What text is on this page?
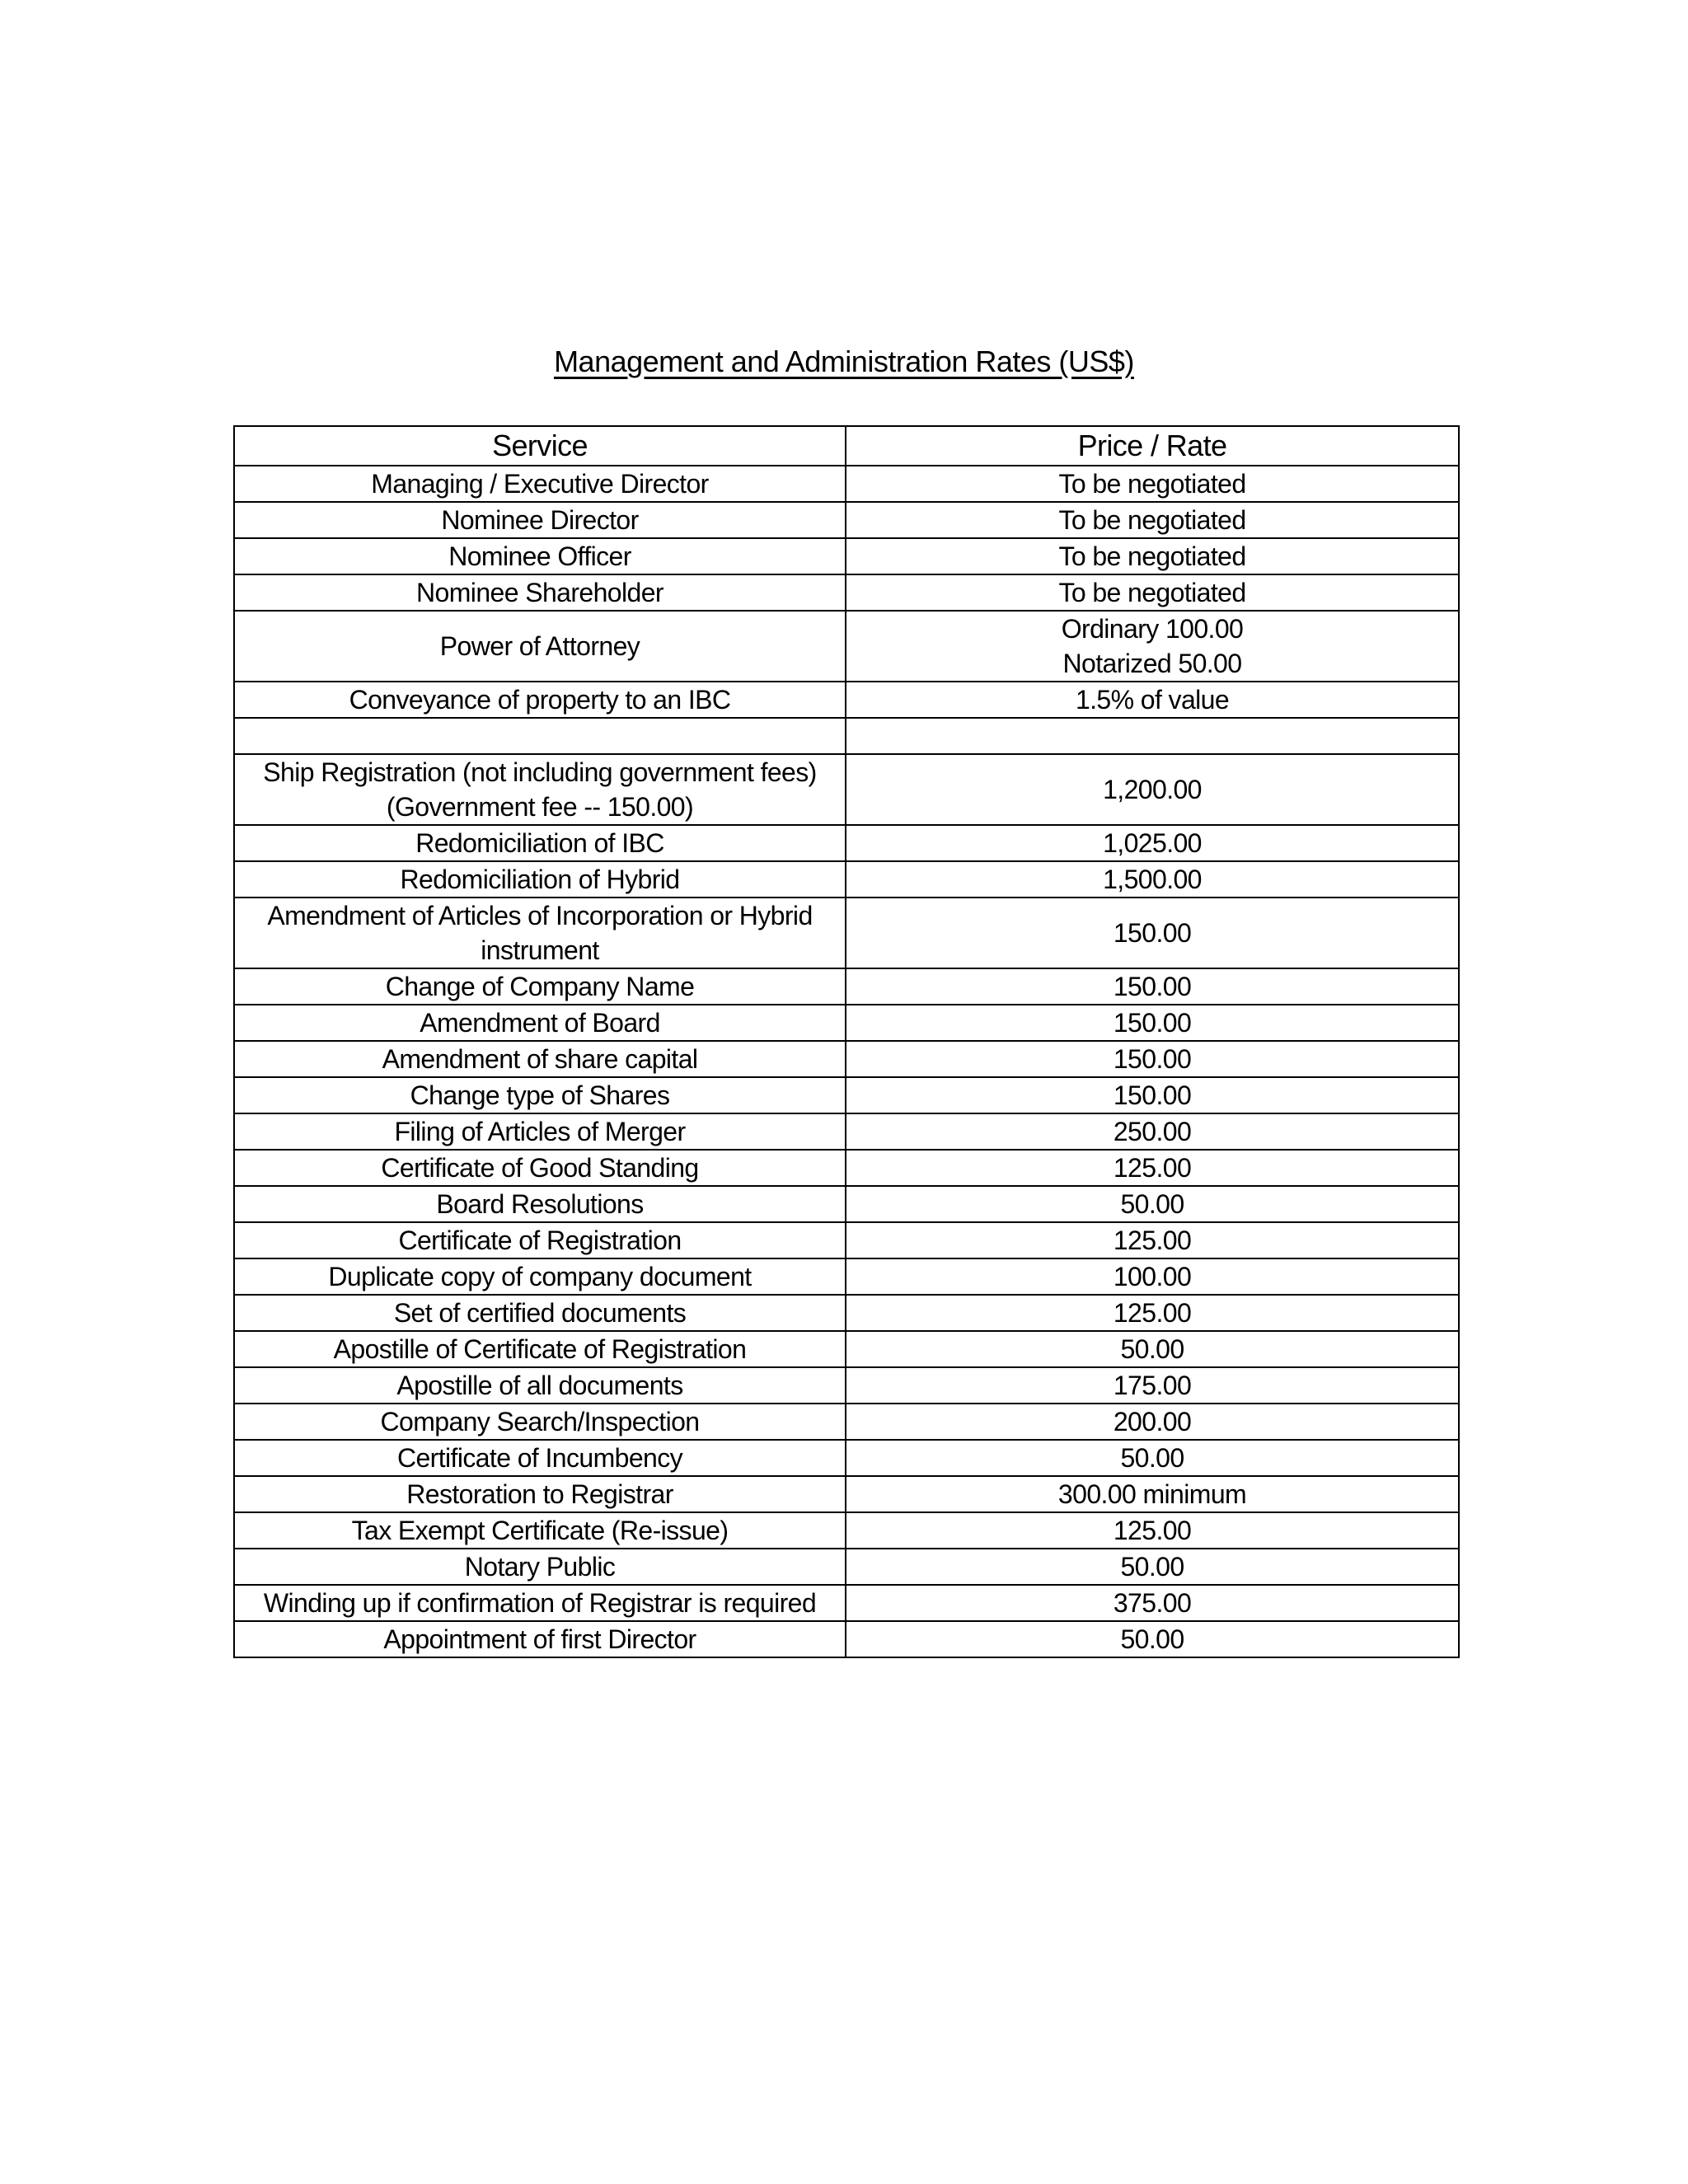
Management and Administration Rates (US$)
Service	Price / Rate
Managing / Executive Director	To be negotiated
Nominee Director	To be negotiated
Nominee Officer	To be negotiated
Nominee Shareholder	To be negotiated
Power of Attorney	Ordinary 100.00
Notarized 50.00
Conveyance of property to an IBC	1.5% of value

Ship Registration (not including government fees)
(Government fee -- 150.00)	1,200.00
Redomiciliation of IBC	1,025.00
Redomiciliation of Hybrid	1,500.00
Amendment of Articles of Incorporation or Hybrid instrument	150.00
Change of Company Name	150.00
Amendment of Board	150.00
Amendment of share capital	150.00
Change type of Shares	150.00
Filing of Articles of Merger	250.00
Certificate of Good Standing	125.00
Board Resolutions	50.00
Certificate of Registration	125.00
Duplicate copy of company document	100.00
Set of certified documents	125.00
Apostille of Certificate of Registration	50.00
Apostille of all documents	175.00
Company Search/Inspection	200.00
Certificate of Incumbency	50.00
Restoration to Registrar	300.00 minimum
Tax Exempt Certificate (Re-issue)	125.00
Notary Public	50.00
Winding up if confirmation of Registrar is required	375.00
Appointment of first Director	50.00
